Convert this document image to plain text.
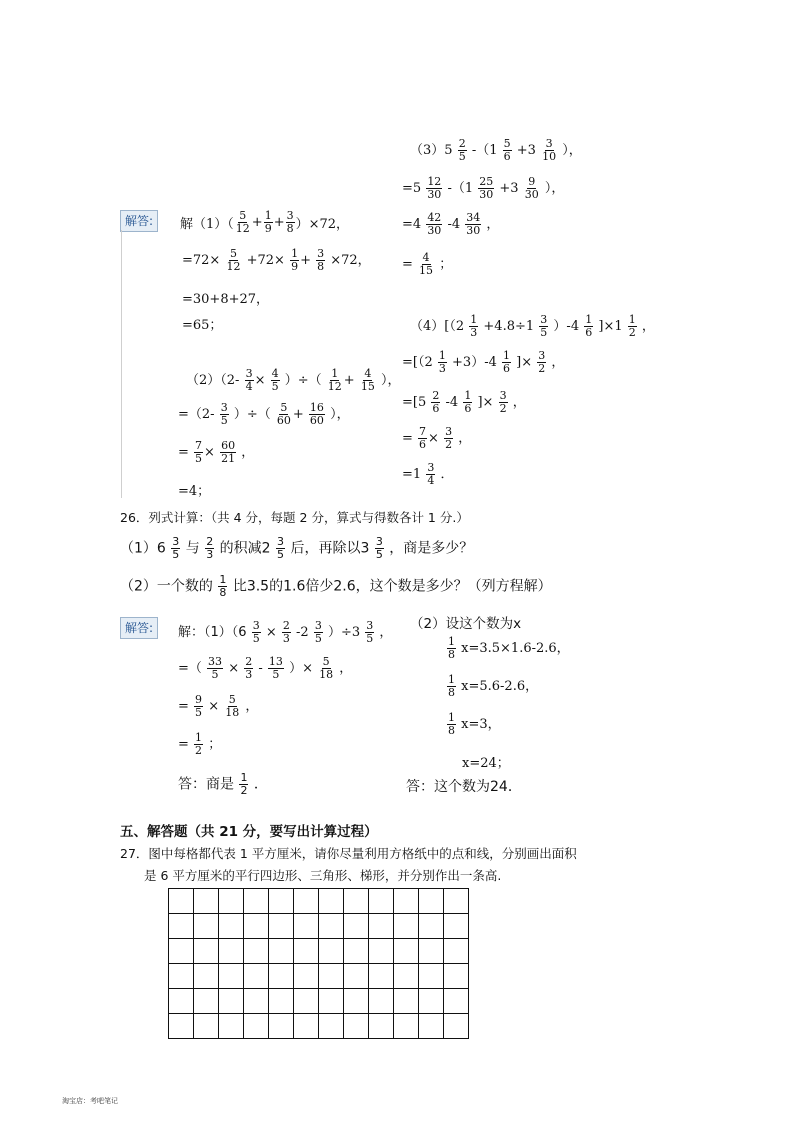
解答:	解$(1)( \frac{5}{12} + \frac{1}{9} + \frac{3}{8} )\times 72$，
$=72\times \frac{5}{12} +72\times \frac{1}{9} + \frac{3}{8} \times 72$，
=30+8+27，
=65；
$(2)(2- \frac{3}{4} \times \frac{4}{5}$ ）÷（ $\frac{1}{12} + \frac{4}{15}$ ），
$=(2- \frac{3}{5}$ ）÷（ $\frac{5}{60} + \frac{16}{60}$ ），
= $\frac{7}{5} \times \frac{60}{21}$ ，
=4；
$(3)5 \frac{2}{5} -(1 \frac{5}{6} +3 \frac{3}{10}$ ），
$=5 \frac{12}{30} -(1 \frac{25}{30} +3 \frac{9}{30}$ ），
$=4 \frac{42}{30} -4 \frac{34}{30}$ ，
= $\frac{4}{15}$ ；
$(4)[(2 \frac{1}{3} +4.8\div 1 \frac{3}{5} )-4 \frac{1}{6} ]\times 1 \frac{1}{2}$ ，
$=[(2 \frac{1}{3} +3)-4 \frac{1}{6}$ ]× $\frac{3}{2}$ ，
$=[5 \frac{2}{6} -4 \frac{1}{6}$ ]× $\frac{3}{2}$ ，
= $\frac{7}{6} \times \frac{3}{2}$ ，
$=1 \frac{3}{4}$ ．
26．列式计算：（共 4 分，每题 2 分，算式与得数各计 1 分.）
$(1)6 \frac{3}{5}$ 与 $\frac{2}{3}$ 的积减$2 \frac{3}{5}$ 后，再除以$3 \frac{3}{5}$ ，商是多少？
（2）一个数的 $\frac{1}{8}$ 比3.5的1.6倍少2.6，这个数是多少？（列方程解）
解答:	解：$(1)(6 \frac{3}{5} \times \frac{2}{3} -2 \frac{3}{5} )\div 3 \frac{3}{5}$ ，
=（ $\frac{33}{5} \times \frac{2}{3} - \frac{13}{5}$ ）× $\frac{5}{18}$ ，
= $\frac{9}{5} \times \frac{5}{18}$ ，
= $\frac{1}{2}$ ；
答：商是 $\frac{1}{2}$ ．
（2）设这个数为x
$\frac{1}{8} x=3.5\times 1.6-2.6$，
$\frac{1}{8} x=5.6-2.6$，
$\frac{1}{8} x=3$，
x=24；
答：这个数为24．
五、解答题（共 21 分，要写出计算过程）
27．图中每格都代表 1 平方厘米，请你尽量利用方格纸中的点和线，分别画出面积
是 6 平方厘米的平行四边形、三角形、梯形，并分别作出一条高.

淘宝店：考吧笔记
